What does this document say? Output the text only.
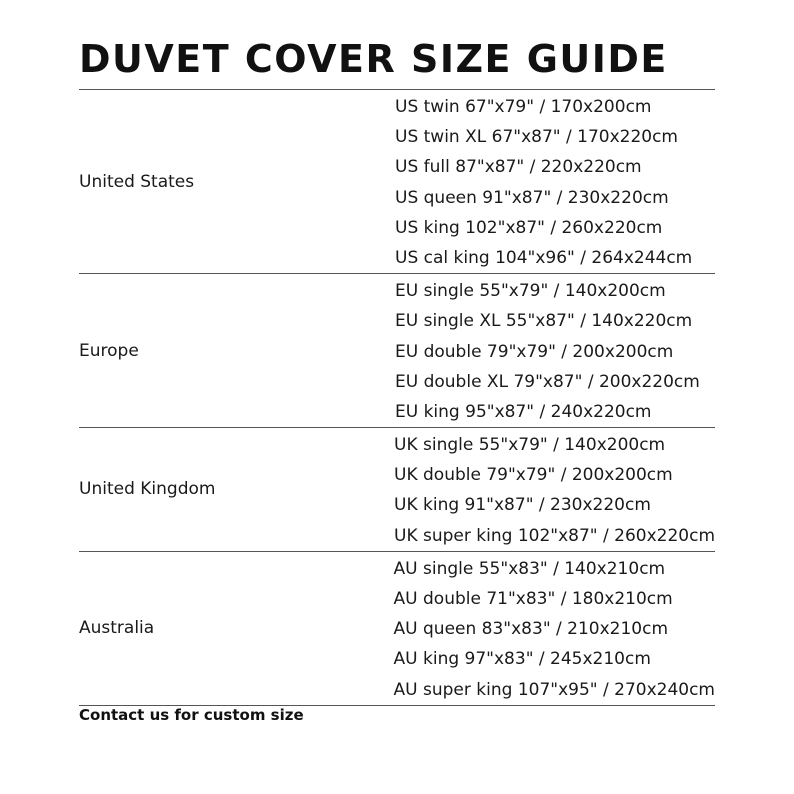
DUVET COVER SIZE GUIDE
United States
US twin 67"x79" / 170x200cm
US twin XL 67"x87" / 170x220cm
US full 87"x87" / 220x220cm
US queen 91"x87" / 230x220cm
US king 102"x87" / 260x220cm
US cal king 104"x96" / 264x244cm
Europe
EU single 55"x79" / 140x200cm
EU single XL 55"x87" / 140x220cm
EU double 79"x79" / 200x200cm
EU double XL 79"x87" / 200x220cm
EU king 95"x87" / 240x220cm
United Kingdom
UK single 55"x79" / 140x200cm
UK double 79"x79" / 200x200cm
UK king 91"x87" / 230x220cm
UK super king 102"x87" / 260x220cm
Australia
AU single 55"x83" / 140x210cm
AU double 71"x83" / 180x210cm
AU queen 83"x83" / 210x210cm
AU king 97"x83" / 245x210cm
AU super king 107"x95" / 270x240cm
Contact us for custom size
